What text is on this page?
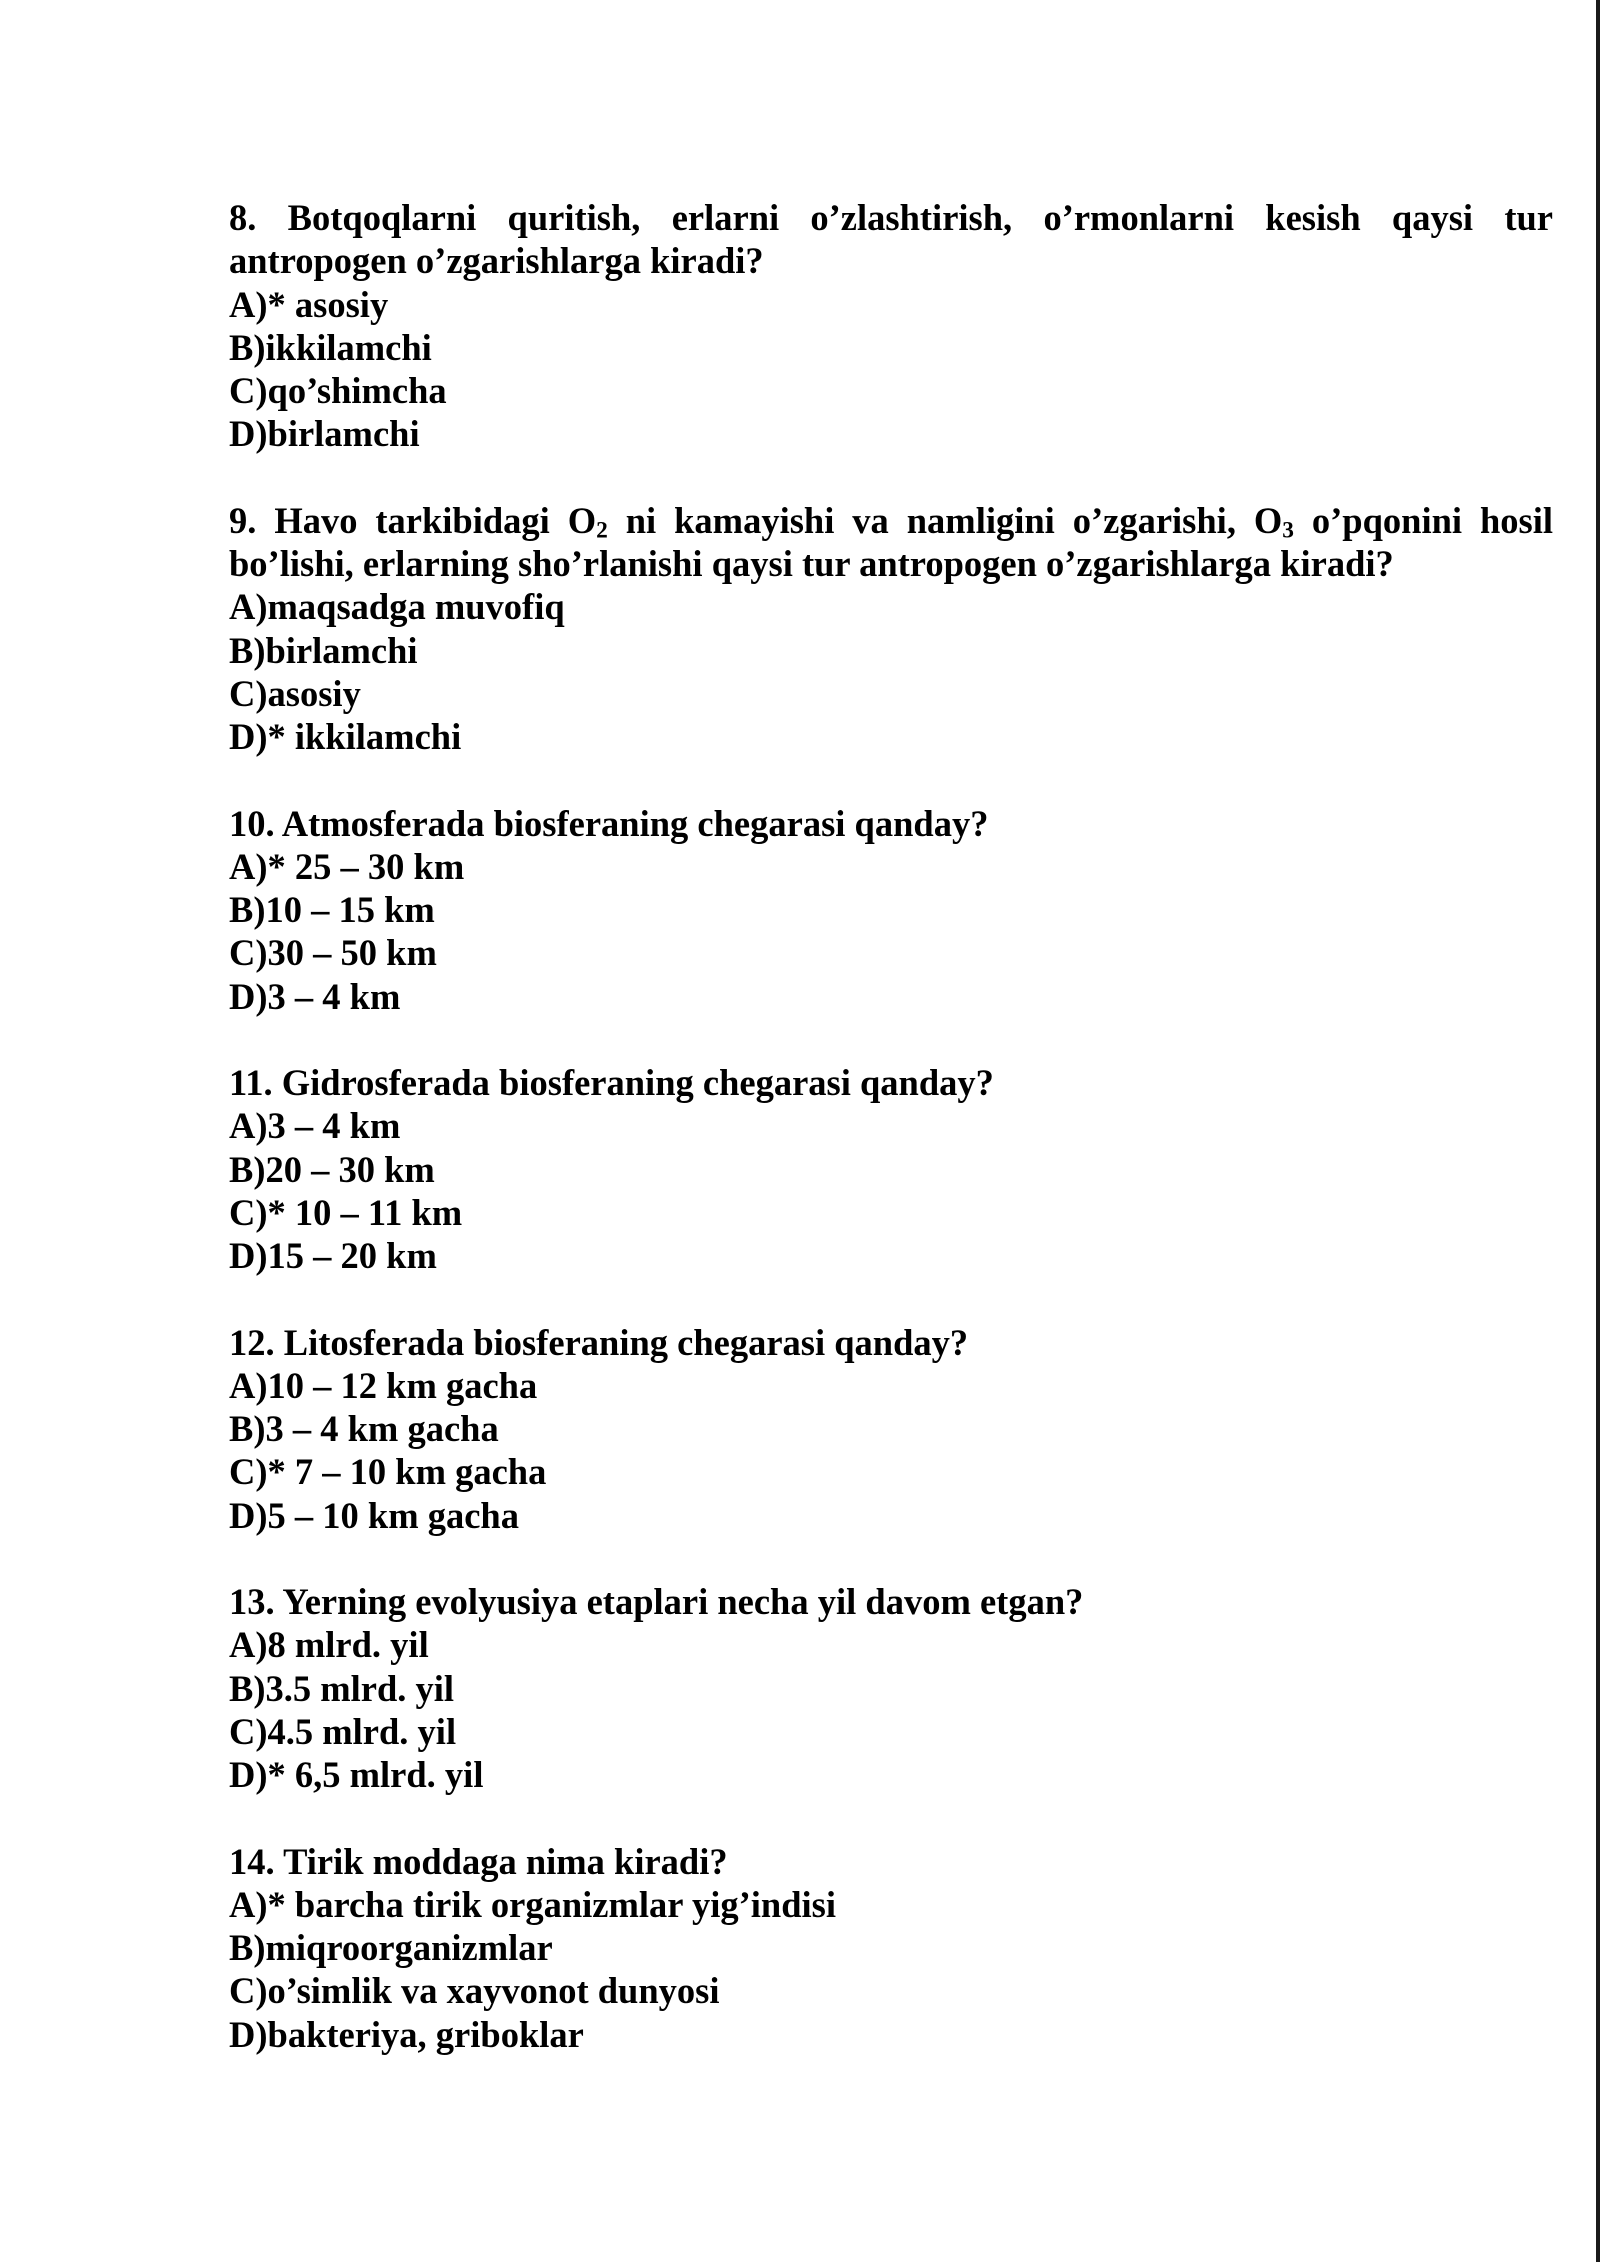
8. Botqoqlarni quritish, erlarni o’zlashtirish, o’rmonlarni kesish qaysi tur antropogen o’zgarishlarga kiradi?
A)* asosiy
B)ikkilamchi
C)qo’shimcha
D)birlamchi
9. Havo tarkibidagi $O_2$ ni kamayishi va namligini o’zgarishi, $O_3$ o’pqonini hosil bo’lishi, erlarning sho’rlanishi qaysi tur antropogen o’zgarishlarga kiradi?
A)maqsadga muvofiq
B)birlamchi
C)asosiy
D)* ikkilamchi
10. Atmosferada biosferaning chegarasi qanday?
A)* 25 – 30 km
B)10 – 15 km
C)30 – 50 km
D)3 – 4 km
11. Gidrosferada biosferaning chegarasi qanday?
A)3 – 4 km
B)20 – 30 km
C)* 10 – 11 km
D)15 – 20 km
12. Litosferada biosferaning chegarasi qanday?
A)10 – 12 km gacha
B)3 – 4 km gacha
C)* 7 – 10 km gacha
D)5 – 10 km gacha
13. Yerning evolyusiya etaplari necha yil davom etgan?
A)8 mlrd. yil
B)3.5 mlrd. yil
C)4.5 mlrd. yil
D)* 6,5 mlrd. yil
14. Tirik moddaga nima kiradi?
A)* barcha tirik organizmlar yig’indisi
B)miqroorganizmlar
C)o’simlik va xayvonot dunyosi
D)bakteriya, griboklar
